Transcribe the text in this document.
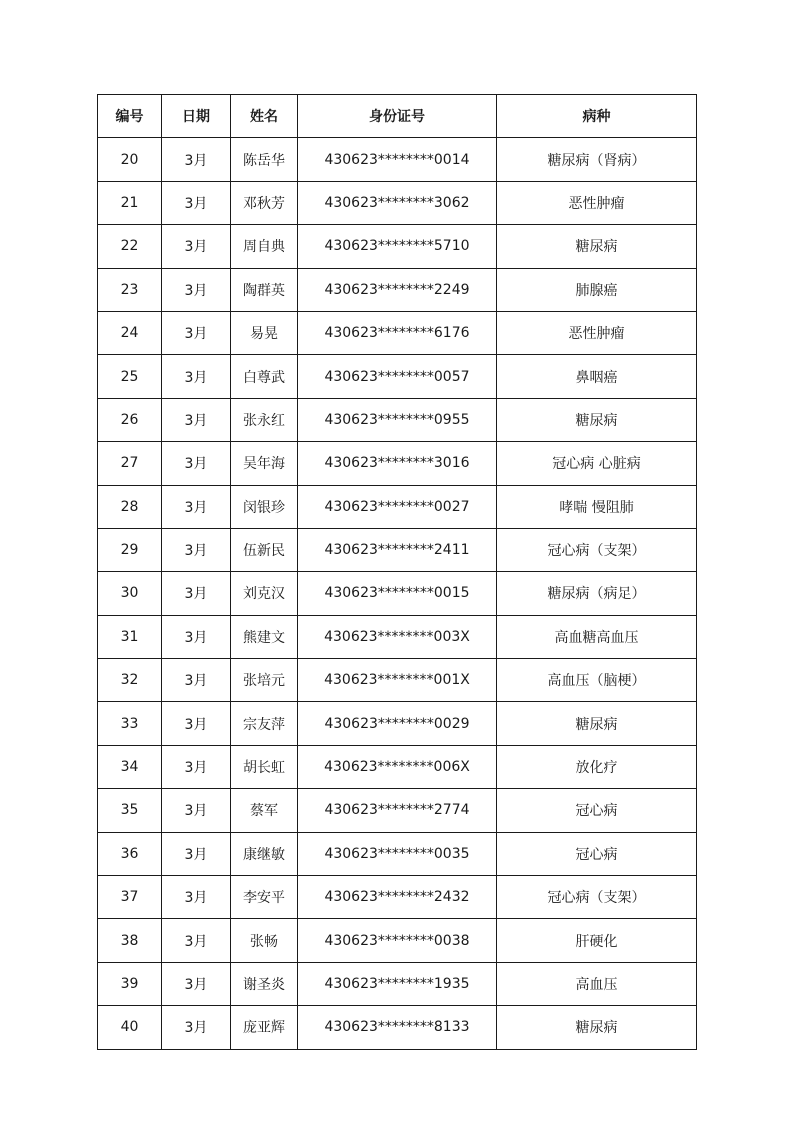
编号	日期	姓名	身份证号	病种
20	3月	陈岳华	430623********0014	糖尿病（肾病）
21	3月	邓秋芳	430623********3062	恶性肿瘤
22	3月	周自典	430623********5710	糖尿病
23	3月	陶群英	430623********2249	肺腺癌
24	3月	易晃	430623********6176	恶性肿瘤
25	3月	白尊武	430623********0057	鼻咽癌
26	3月	张永红	430623********0955	糖尿病
27	3月	吴年海	430623********3016	冠心病 心脏病
28	3月	闵银珍	430623********0027	哮喘 慢阻肺
29	3月	伍新民	430623********2411	冠心病（支架）
30	3月	刘克汉	430623********0015	糖尿病（病足）
31	3月	熊建文	430623********003X	高血糖高血压
32	3月	张培元	430623********001X	高血压（脑梗）
33	3月	宗友萍	430623********0029	糖尿病
34	3月	胡长虹	430623********006X	放化疗
35	3月	蔡军	430623********2774	冠心病
36	3月	康继敏	430623********0035	冠心病
37	3月	李安平	430623********2432	冠心病（支架）
38	3月	张畅	430623********0038	肝硬化
39	3月	谢圣炎	430623********1935	高血压
40	3月	庞亚辉	430623********8133	糖尿病
